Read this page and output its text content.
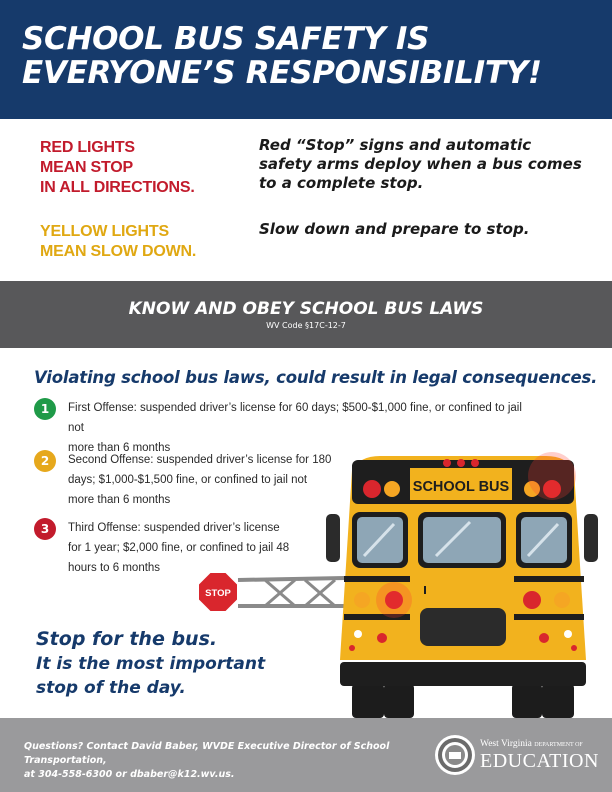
SCHOOL BUS SAFETY IS
EVERYONE’S RESPONSIBILITY!
RED LIGHTS
MEAN STOP
IN ALL DIRECTIONS.
Red “Stop” signs and automatic safety arms deploy when a bus comes to a complete stop.
YELLOW LIGHTS
MEAN SLOW DOWN.
Slow down and prepare to stop.
KNOW AND OBEY SCHOOL BUS LAWS
WV Code §17C-12-7
Violating school bus laws, could result in legal consequences.
1	First Offense: suspended driver’s license for 60 days; $500-$1,000 fine, or confined to jail not
more than 6 months
2	Second Offense: suspended driver’s license for 180
days; $1,000-$1,500 fine, or confined to jail not
more than 6 months
3	Third Offense: suspended driver’s license
for 1 year; $2,000 fine, or confined to jail 48
hours to 6 months
STOP
SCHOOL BUS
Stop for the bus.
It is the most important
stop of the day.
Questions? Contact David Baber, WVDE Executive Director of School Transportation,
at 304-558-6300 or dbaber@k12.wv.us.
West Virginia DEPARTMENT OF
EDUCATION
